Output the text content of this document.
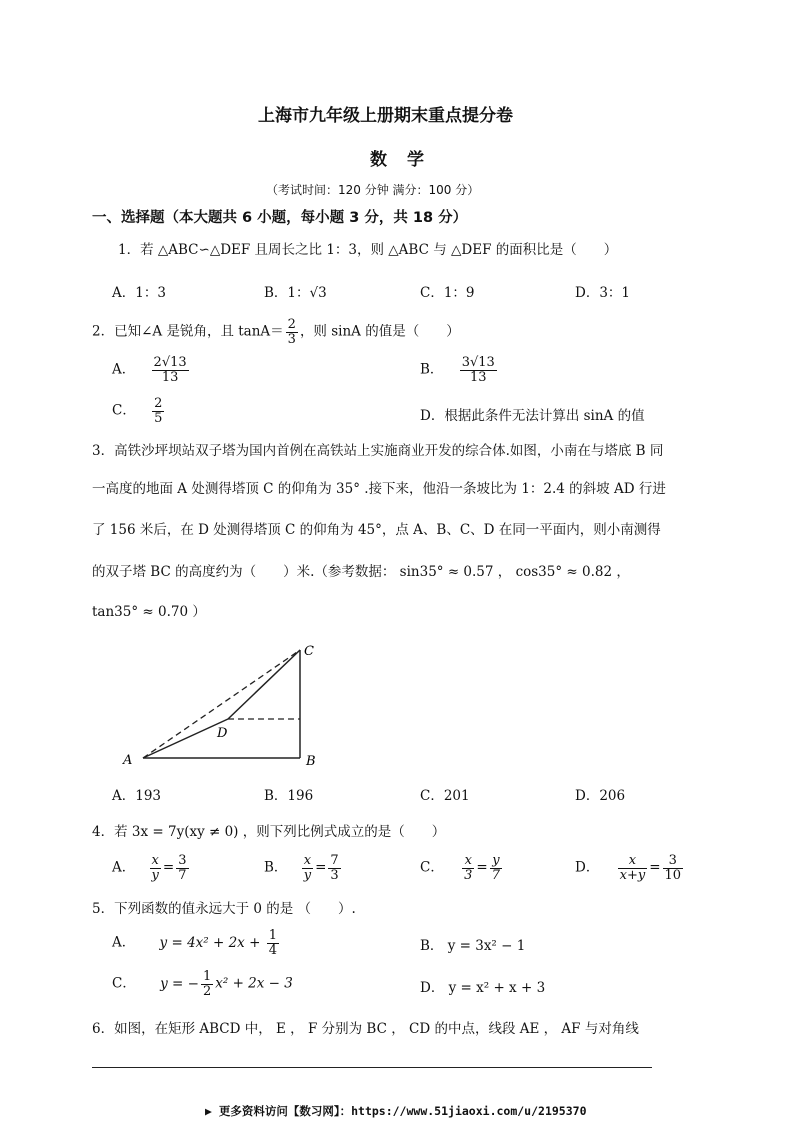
上海市九年级上册期末重点提分卷
数学
（考试时间：120 分钟 满分：100 分）
一、选择题（本大题共 6 小题，每小题 3 分，共 18 分）
1．若 △ABC∽△DEF 且周长之比 1：3，则 △ABC 与 △DEF 的面积比是（　　）
A．1：3	B．1：√3	C．1：9	D．3：1
2．已知∠A 是锐角，且 $\tan A= \frac{2}{3}$ ，则 sinA 的值是（　　）
A． $\frac{2√13}{13}$	B． $\frac{3√13}{13}$
C． $\frac{2}{5}$	D．根据此条件无法计算出 sinA 的值
3．高铁沙坪坝站双子塔为国内首例在高铁站上实施商业开发的综合体.如图，小南在与塔底 B 同
一高度的地面 A 处测得塔顶 C 的仰角为 35° .接下来，他沿一条坡比为 1：2.4 的斜坡 AD 行进
了 156 米后，在 D 处测得塔顶 C 的仰角为 45°，点 A、B、C、D 在同一平面内，则小南测得
的双子塔 BC 的高度约为（　　）米.（参考数据： sin35° ≈ 0.57 ， cos35° ≈ 0.82 ，
tan35° ≈ 0.70 ）
A	B
C
D
A．193	B．196	C．201	D．206
4．若 3x = 7y(xy ≠ 0) ，则下列比例式成立的是（　　）
A． $\frac{x}{y} = \frac{3}{7}$	B． $\frac{x}{y} = \frac{7}{3}$	C． $\frac{x}{3} = \frac{y}{7}$	D． $\frac{x}{x+y} = \frac{3}{10}$
5．下列函数的值永远大于 0 的是 （　　）.
A． $y = 4x^2 + 2x + \frac{1}{4}$	B． y = 3x² − 1
C． y = − $\frac{1}{2} x^2 + 2x - 3$	D． y = x² + x + 3
6．如图，在矩形 ABCD 中， E ， F 分别为 BC ， CD 的中点，线段 AE ， AF 与对角线
▶ 更多资料访问【数习网】：https://www.51jiaoxi.com/u/2195370
